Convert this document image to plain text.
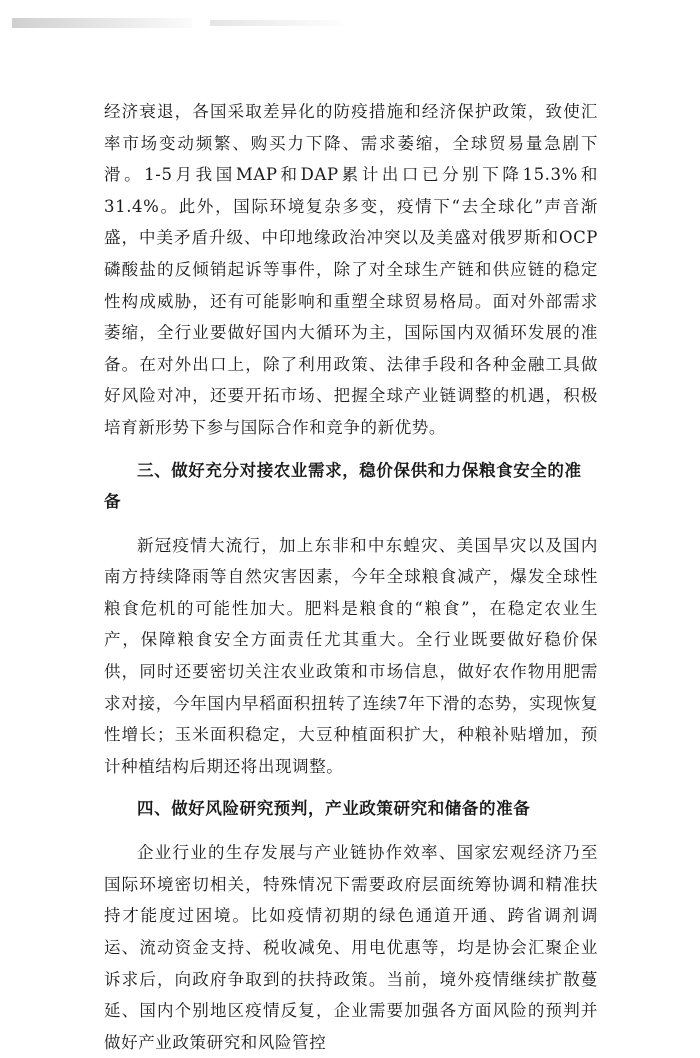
经济衰退，各国采取差异化的防疫措施和经济保护政策，致使汇率市场变动频繁、购买力下降、需求萎缩，全球贸易量急剧下滑。1-5月我国MAP和DAP累计出口已分别下降15.3%和31.4%。此外，国际环境复杂多变，疫情下“去全球化”声音渐盛，中美矛盾升级、中印地缘政治冲突以及美盛对俄罗斯和OCP磷酸盐的反倾销起诉等事件，除了对全球生产链和供应链的稳定性构成威胁，还有可能影响和重塑全球贸易格局。面对外部需求萎缩，全行业要做好国内大循环为主，国际国内双循环发展的准备。在对外出口上，除了利用政策、法律手段和各种金融工具做好风险对冲，还要开拓市场、把握全球产业链调整的机遇，积极培育新形势下参与国际合作和竞争的新优势。

三、做好充分对接农业需求，稳价保供和力保粮食安全的准备

新冠疫情大流行，加上东非和中东蝗灾、美国旱灾以及国内南方持续降雨等自然灾害因素，今年全球粮食减产，爆发全球性粮食危机的可能性加大。肥料是粮食的“粮食”，在稳定农业生产，保障粮食安全方面责任尤其重大。全行业既要做好稳价保供，同时还要密切关注农业政策和市场信息，做好农作物用肥需求对接，今年国内早稻面积扭转了连续7年下滑的态势，实现恢复性增长；玉米面积稳定，大豆种植面积扩大，种粮补贴增加，预计种植结构后期还将出现调整。

四、做好风险研究预判，产业政策研究和储备的准备

企业行业的生存发展与产业链协作效率、国家宏观经济乃至国际环境密切相关，特殊情况下需要政府层面统筹协调和精准扶持才能度过困境。比如疫情初期的绿色通道开通、跨省调剂调运、流动资金支持、税收减免、用电优惠等，均是协会汇聚企业诉求后，向政府争取到的扶持政策。当前，境外疫情继续扩散蔓延、国内个别地区疫情反复，企业需要加强各方面风险的预判并做好产业政策研究和风险管控
